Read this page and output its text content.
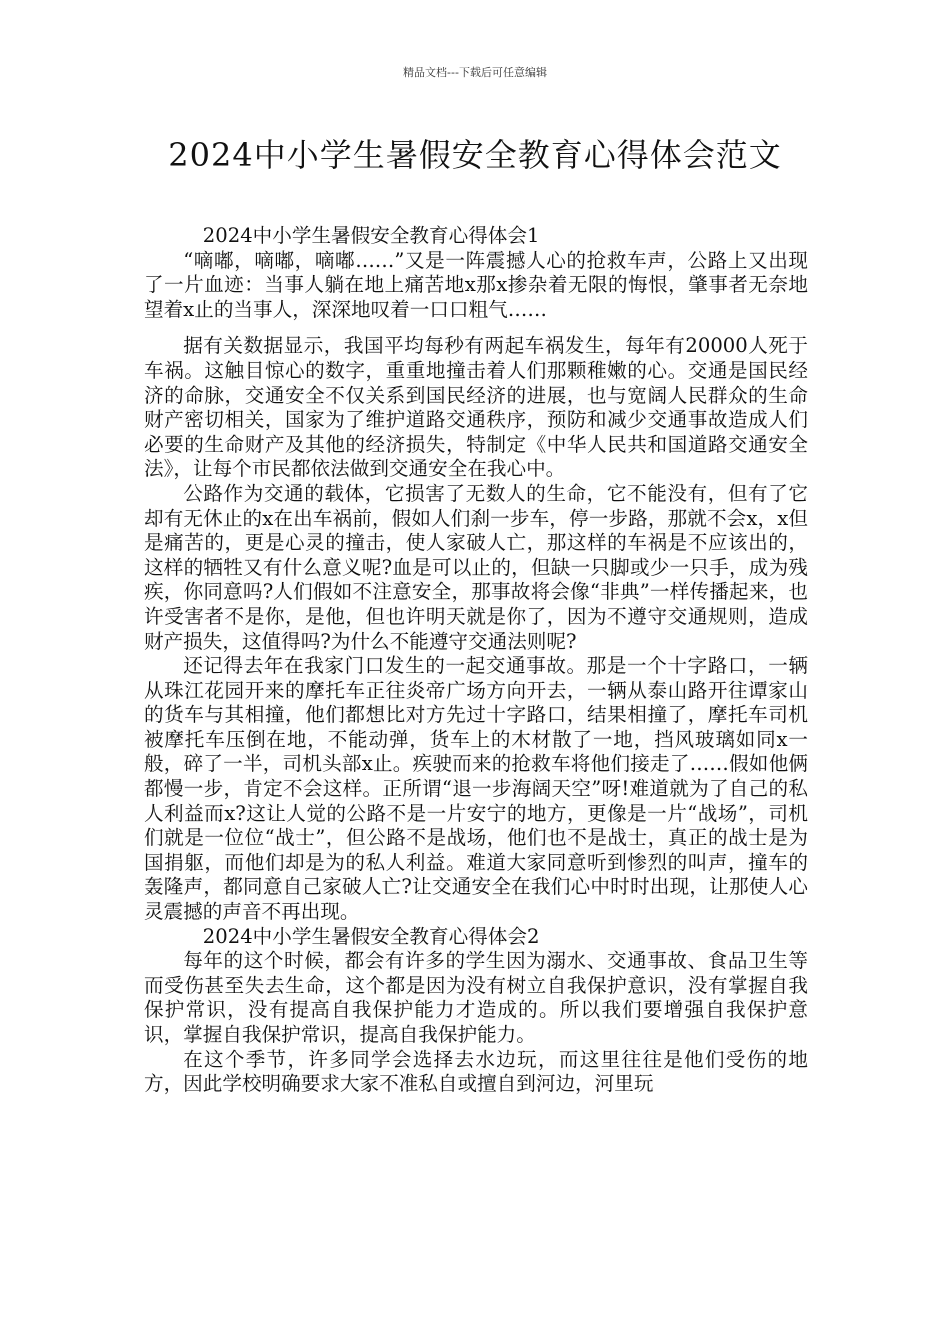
精品文档---下载后可任意编辑
2024中小学生暑假安全教育心得体会范文

2024中小学生暑假安全教育心得体会1

“嘀嘟，嘀嘟，嘀嘟……”又是一阵震撼人心的抢救车声，公路上又出现了一片血迹：当事人躺在地上痛苦地x那x掺杂着无限的悔恨，肇事者无奈地望着x止的当事人，深深地叹着一口口粗气……

据有关数据显示，我国平均每秒有两起车祸发生，每年有20000人死于车祸。这触目惊心的数字，重重地撞击着人们那颗稚嫩的心。交通是国民经济的命脉，交通安全不仅关系到国民经济的进展，也与宽阔人民群众的生命财产密切相关，国家为了维护道路交通秩序，预防和减少交通事故造成人们必要的生命财产及其他的经济损失，特制定《中华人民共和国道路交通安全法》，让每个市民都依法做到交通安全在我心中。

公路作为交通的载体，它损害了无数人的生命，它不能没有，但有了它却有无休止的x在出车祸前，假如人们刹一步车，停一步路，那就不会x，x但是痛苦的，更是心灵的撞击，使人家破人亡，那这样的车祸是不应该出的，这样的牺牲又有什么意义呢?血是可以止的，但缺一只脚或少一只手，成为残疾，你同意吗?人们假如不注意安全，那事故将会像“非典”一样传播起来，也许受害者不是你，是他，但也许明天就是你了，因为不遵守交通规则，造成财产损失，这值得吗?为什么不能遵守交通法则呢?

还记得去年在我家门口发生的一起交通事故。那是一个十字路口，一辆从珠江花园开来的摩托车正往炎帝广场方向开去，一辆从泰山路开往谭家山的货车与其相撞，他们都想比对方先过十字路口，结果相撞了，摩托车司机被摩托车压倒在地，不能动弹，货车上的木材散了一地，挡风玻璃如同x一般，碎了一半，司机头部x止。疾驶而来的抢救车将他们接走了……假如他俩都慢一步，肯定不会这样。正所谓“退一步海阔天空”呀!难道就为了自己的私人利益而x?这让人觉的公路不是一片安宁的地方，更像是一片“战场”，司机们就是一位位“战士”，但公路不是战场，他们也不是战士，真正的战士是为国捐躯，而他们却是为的私人利益。难道大家同意听到惨烈的叫声，撞车的轰隆声，都同意自己家破人亡?让交通安全在我们心中时时出现，让那使人心灵震撼的声音不再出现。

2024中小学生暑假安全教育心得体会2

每年的这个时候，都会有许多的学生因为溺水、交通事故、食品卫生等而受伤甚至失去生命，这个都是因为没有树立自我保护意识，没有掌握自我保护常识，没有提高自我保护能力才造成的。所以我们要增强自我保护意识，掌握自我保护常识，提高自我保护能力。

在这个季节，许多同学会选择去水边玩，而这里往往是他们受伤的地方，因此学校明确要求大家不准私自或擅自到河边，河里玩
